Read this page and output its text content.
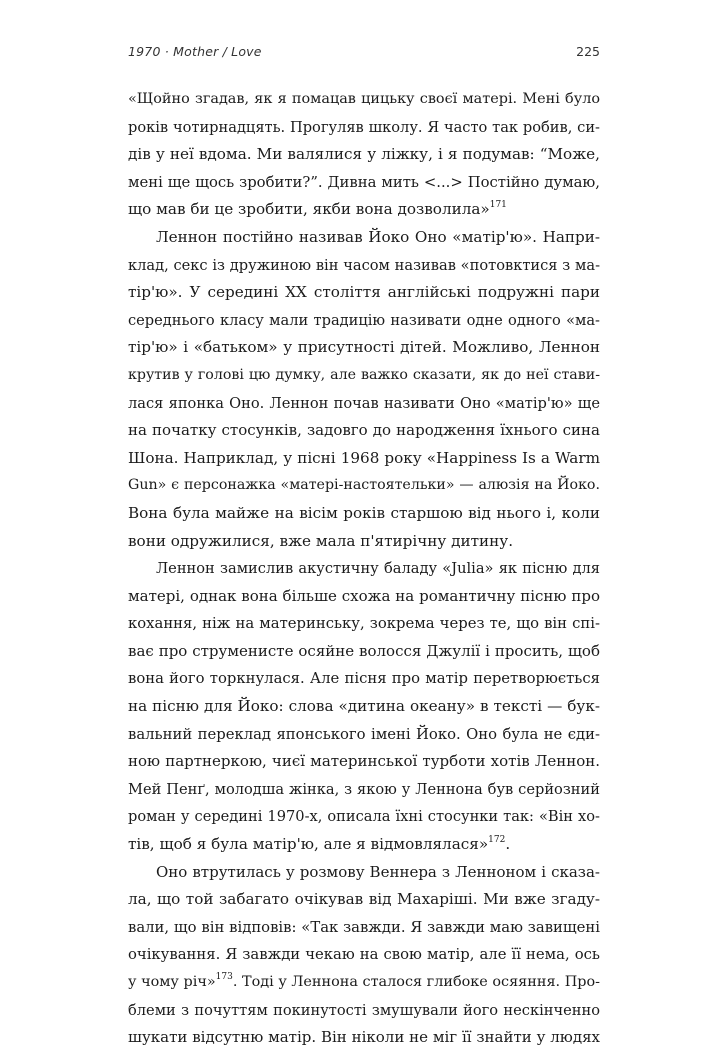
1970 · Mother / Love	225
«Щойно згадав, як я помацав цицьку своєї матері. Мені було
років чотирнадцять. Прогуляв школу. Я часто так робив, си-
дів у неї вдома. Ми валялися у ліжку, і я подумав: “Може,
мені ще щось зробити?”. Дивна мить <...> Постійно думаю,
що мав би це зробити, якби вона дозволила»$^{171}$
Леннон постійно називав Йоко Оно «матір'ю». Напри-
клад, секс із дружиною він часом називав «потовктися з ма-
тір'ю». У середині XX століття англійські подружні пари
середнього класу мали традицію називати одне одного «ма-
тір'ю» і «батьком» у присутності дітей. Можливо, Леннон
крутив у голові цю думку, але важко сказати, як до неї стави-
лася японка Оно. Леннон почав називати Оно «матір'ю» ще
на початку стосунків, задовго до народження їхнього сина
Шона. Наприклад, у пісні 1968 року «Happiness Is a Warm
Gun» є персонажка «матері-настоятельки» — алюзія на Йоко.
Вона була майже на вісім років старшою від нього і, коли
вони одружилися, вже мала п'ятирічну дитину.
Леннон замислив акустичну баладу «Julia» як пісню для
матері, однак вона більше схожа на романтичну пісню про
кохання, ніж на материнську, зокрема через те, що він спі-
ває про струменисте осяйне волосся Джулії і просить, щоб
вона його торкнулася. Але пісня про матір перетворюється
на пісню для Йоко: слова «дитина океану» в тексті — бук-
вальний переклад японського імені Йоко. Оно була не єди-
ною партнеркою, чиєї материнської турботи хотів Леннон.
Мей Пенґ, молодша жінка, з якою у Леннона був серйозний
роман у середині 1970-х, описала їхні стосунки так: «Він хо-
тів, щоб я була матір'ю, але я відмовлялася»$^{172}$.
Оно втрутилась у розмову Веннера з Ленноном і сказа-
ла, що той забагато очікував від Махаріші. Ми вже згаду-
вали, що він відповів: «Так завжди. Я завжди маю завищені
очікування. Я завжди чекаю на свою матір, але її нема, ось
у чому річ»$^{173}$. Тоді у Леннона сталося глибоке осяяння. Про-
блеми з почуттям покинутості змушували його нескінченно
шукати відсутню матір. Він ніколи не міг її знайти у людях
